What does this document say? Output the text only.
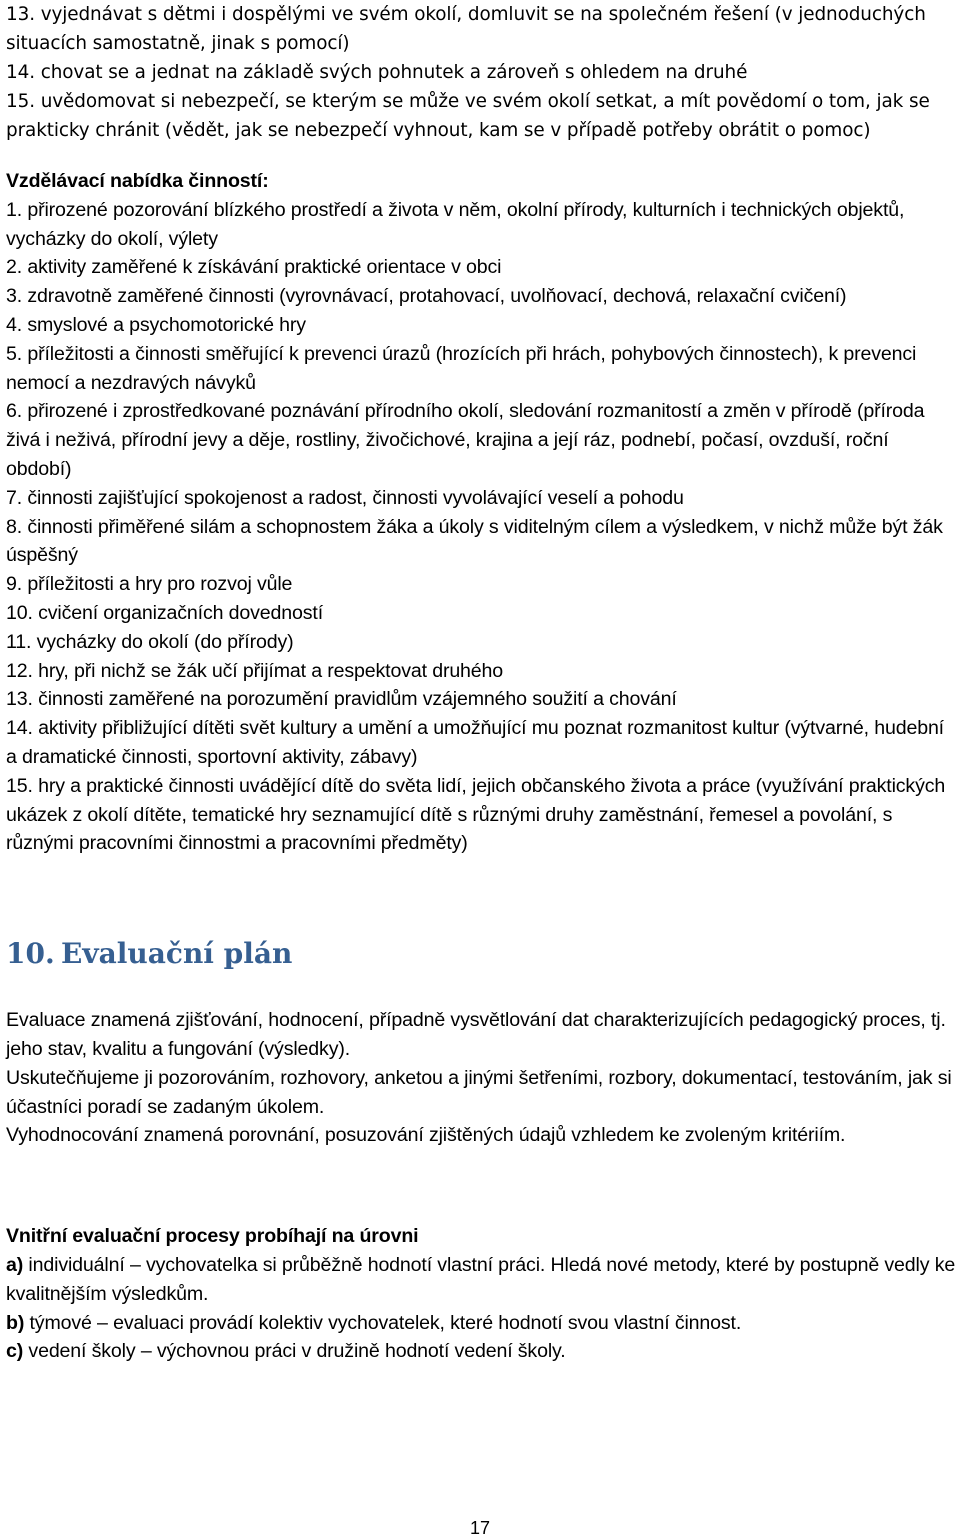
13. vyjednávat s dětmi i dospělými ve svém okolí, domluvit se na společném řešení (v jednoduchých situacích samostatně, jinak s pomocí)

14. chovat se a jednat na základě svých pohnutek a zároveň s ohledem na druhé

15. uvědomovat si nebezpečí, se kterým se může ve svém okolí setkat, a mít povědomí o tom, jak se prakticky chránit (vědět, jak se nebezpečí vyhnout, kam se v případě potřeby obrátit o pomoc)

Vzdělávací nabídka činností:

1. přirozené pozorování blízkého prostředí a života v něm, okolní přírody, kulturních i technických objektů, vycházky do okolí, výlety

2. aktivity zaměřené k získávání praktické orientace v obci

3. zdravotně zaměřené činnosti (vyrovnávací, protahovací, uvolňovací, dechová, relaxační cvičení)

4. smyslové a psychomotorické hry

5. příležitosti a činnosti směřující k prevenci úrazů (hrozících při hrách, pohybových činnostech), k prevenci nemocí a nezdravých návyků

6. přirozené i zprostředkované poznávání přírodního okolí, sledování rozmanitostí a změn v přírodě (příroda živá i neživá, přírodní jevy a děje, rostliny, živočichové, krajina a její ráz, podnebí, počasí, ovzduší, roční období)

7. činnosti zajišťující spokojenost a radost, činnosti vyvolávající veselí a pohodu

8. činnosti přiměřené silám a schopnostem žáka a úkoly s viditelným cílem a výsledkem, v nichž může být žák úspěšný

9. příležitosti a hry pro rozvoj vůle

10. cvičení organizačních dovedností

11. vycházky do okolí (do přírody)

12. hry, při nichž se žák učí přijímat a respektovat druhého

13. činnosti zaměřené na porozumění pravidlům vzájemného soužití a chování

14. aktivity přibližující dítěti svět kultury a umění a umožňující mu poznat rozmanitost kultur (výtvarné, hudební a dramatické činnosti, sportovní aktivity, zábavy)

15. hry a praktické činnosti uvádějící dítě do světa lidí, jejich občanského života a práce (využívání praktických ukázek z okolí dítěte, tematické hry seznamující dítě s různými druhy zaměstnání, řemesel a povolání, s různými pracovními činnostmi a pracovními předměty)

10. Evaluační plán

Evaluace znamená zjišťování, hodnocení, případně vysvětlování dat charakterizujících pedagogický proces, tj. jeho stav, kvalitu a fungování (výsledky).

Uskutečňujeme ji pozorováním, rozhovory, anketou a jinými šetřeními, rozbory, dokumentací, testováním, jak si účastníci poradí se zadaným úkolem.

Vyhodnocování znamená porovnání, posuzování zjištěných údajů vzhledem ke zvoleným kritériím.

Vnitřní evaluační procesy probíhají na úrovni

a) individuální – vychovatelka si průběžně hodnotí vlastní práci. Hledá nové metody, které by postupně vedly ke kvalitnějším výsledkům.

b) týmové – evaluaci provádí kolektiv vychovatelek, které hodnotí svou vlastní činnost.

c) vedení školy – výchovnou práci v družině hodnotí vedení školy.

17
